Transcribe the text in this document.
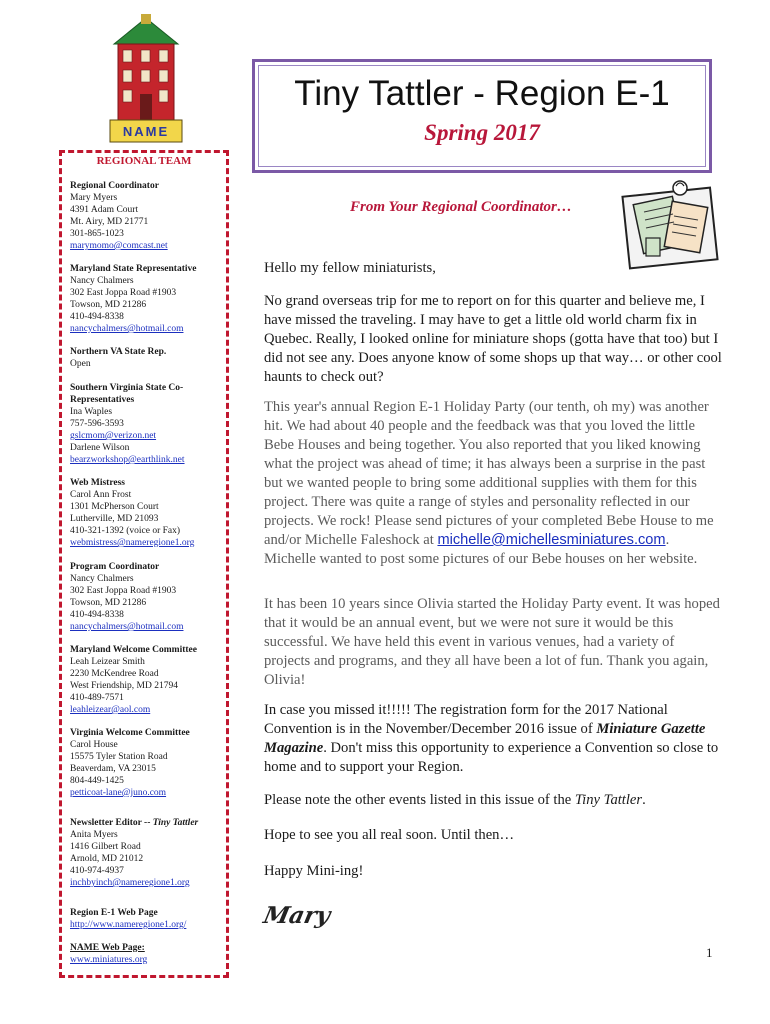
NAME
Tiny Tattler - Region E-1
Spring 2017
REGIONAL TEAM
Regional Coordinator
Mary Myers
4391 Adam Court
Mt. Airy, MD 21771
301-865-1023
marymomo@comcast.net
Maryland State Representative
Nancy Chalmers
302 East Joppa Road #1903
Towson, MD 21286
410-494-8338
nancychalmers@hotmail.com
Northern VA State Rep.
Open
Southern Virginia State Co-
Representatives
Ina Waples
757-596-3593
gslcmom@verizon.net
Darlene Wilson
bearzworkshop@earthlink.net
Web Mistress
Carol Ann Frost
1301 McPherson Court
Lutherville, MD 21093
410-321-1392 (voice or Fax)
webmistress@nameregione1.org
Program Coordinator
Nancy Chalmers
302 East Joppa Road #1903
Towson, MD 21286
410-494-8338
nancychalmers@hotmail.com
Maryland Welcome Committee
Leah Leizear Smith
2230 McKendree Road
West Friendship, MD 21794
410-489-7571
leahleizear@aol.com
Virginia Welcome Committee
Carol House
15575 Tyler Station Road
Beaverdam, VA 23015
804-449-1425
petticoat-lane@juno.com
Newsletter Editor -- Tiny Tattler
Anita Myers
1416 Gilbert Road
Arnold, MD 21012
410-974-4937
inchbyinch@nameregione1.org
Region E-1 Web Page
http://www.nameregione1.org/
NAME Web Page:
www.miniatures.org
From Your Regional Coordinator…
Hello my fellow miniaturists,

No grand overseas trip for me to report on for this quarter and believe me, I have missed the traveling. I may have to get a little old world charm fix in Quebec. Really, I looked online for miniature shops (gotta have that too) but I did not see any. Does anyone know of some shops up that way… or other cool haunts to check out?

This year's annual Region E-1 Holiday Party (our tenth, oh my) was another hit. We had about 40 people and the feedback was that you loved the little Bebe Houses and being together. You also reported that you liked knowing what the project was ahead of time; it has always been a surprise in the past but we wanted people to bring some additional supplies with them for this project. There was quite a range of styles and personality reflected in our projects. We rock! Please send pictures of your completed Bebe House to me and/or Michelle Faleshock at michelle@michellesminiatures.com. Michelle wanted to post some pictures of our Bebe houses on her website.

It has been 10 years since Olivia started the Holiday Party event. It was hoped that it would be an annual event, but we were not sure it would be this successful. We have held this event in various venues, had a variety of projects and programs, and they all have been a lot of fun. Thank you again, Olivia!

In case you missed it!!!!! The registration form for the 2017 National Convention is in the November/December 2016 issue of Miniature Gazette Magazine. Don't miss this opportunity to experience a Convention so close to home and to support your Region.

Please note the other events listed in this issue of the Tiny Tattler.

Hope to see you all real soon. Until then…
Happy Mini-ing!
Mary
1
